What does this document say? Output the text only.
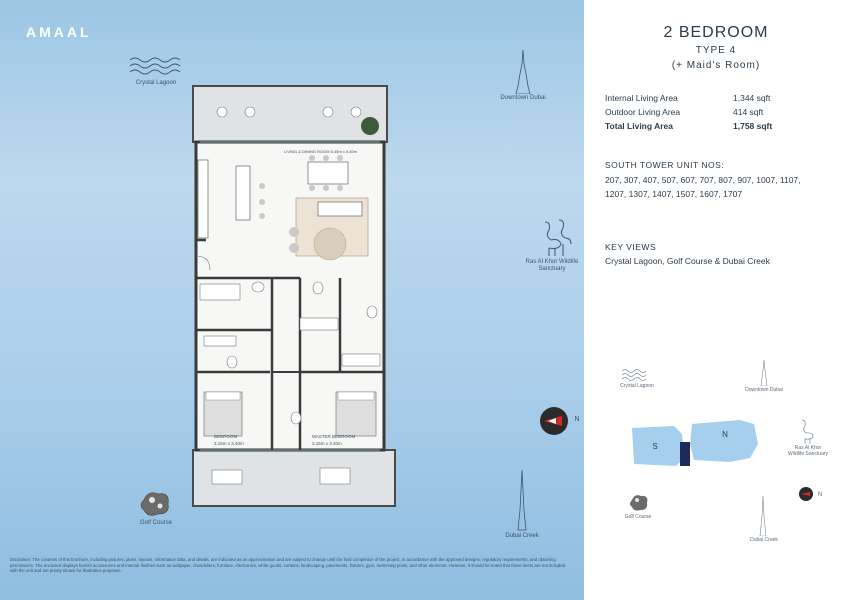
AMAAL
Crystal Lagoon
Downtown Dubai
Ras Al Khor Wildlife Sanctuary
N
Golf Course
Dubai Creek
LIVING & DINING ROOM 5.45m x 5.80m
BEDROOM
3.15m x 3.40m
MASTER BEDROOM
3.15m x 3.40m
Disclaimer: The contents of this brochure, including pictures, plans, layouts, information data, and details, are indicated as an approximation and are subject to change until the final completion of the project, in accordance with the approved designs, regulatory requirements, and obtaining permissions. The enclosed displays furnish accessories and internal finishes such as wallpaper, chandeliers, furniture, electronics, white goods, curtains, landscaping, pavements, fixtures, gym, swimming pools, and other elements. However, it should be noted that these items are not included with the unit and are purely shown for illustrative purposes.
2 BEDROOM
TYPE 4
(+ Maid's Room)
Internal Living Area	1,344 sqft
Outdoor Living Area	414 sqft
Total Living Area	1,758 sqft
SOUTH TOWER UNIT NOS:
207, 307, 407, 507, 607, 707, 807, 907, 1007, 1107, 1207, 1307, 1407, 1507, 1607, 1707
KEY VIEWS
Crystal Lagoon, Golf Course & Dubai Creek
Crystal Lagoon
Downtown Dubai
Ras Al Khor Wildlife Sanctuary
S
N
N
Golf Course
Dubai Creek
